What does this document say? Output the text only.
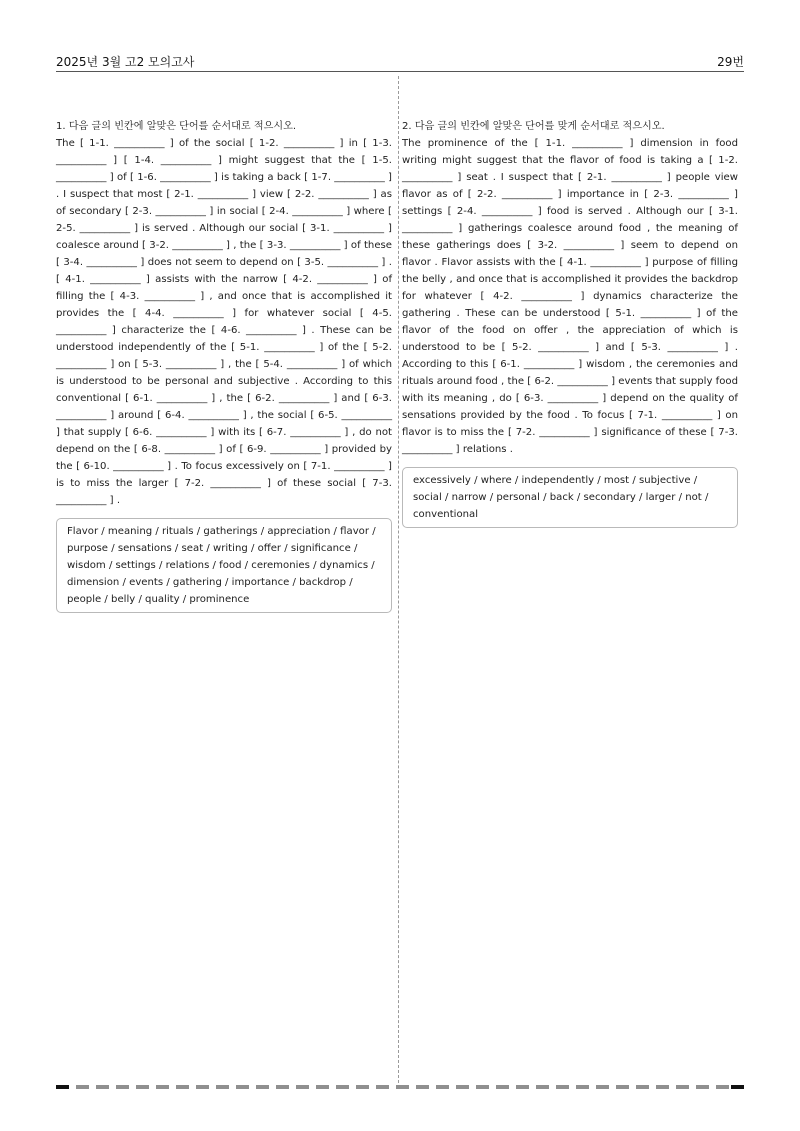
2025년 3월 고2 모의고사	29번

1. 다음 글의 빈칸에 알맞은 단어를 순서대로 적으시오.
The [ 1-1. __________ ] of the social [ 1-2. __________ ] in [ 1-3. __________ ] [ 1-4. __________ ] might suggest that the [ 1-5. __________ ] of [ 1-6. __________ ] is taking a back [ 1-7. __________ ] . I suspect that most [ 2-1. __________ ] view [ 2-2. __________ ] as of secondary [ 2-3. __________ ] in social [ 2-4. __________ ] where [ 2-5. __________ ] is served . Although our social [ 3-1. __________ ] coalesce around [ 3-2. __________ ] , the [ 3-3. __________ ] of these [ 3-4. __________ ] does not seem to depend on [ 3-5. __________ ] . [ 4-1. __________ ] assists with the narrow [ 4-2. __________ ] of filling the [ 4-3. __________ ] , and once that is accomplished it provides the [ 4-4. __________ ] for whatever social [ 4-5. __________ ] characterize the [ 4-6. __________ ] . These can be understood independently of the [ 5-1. __________ ] of the [ 5-2. __________ ] on [ 5-3. __________ ] , the [ 5-4. __________ ] of which is understood to be personal and subjective . According to this conventional [ 6-1. __________ ] , the [ 6-2. __________ ] and [ 6-3. __________ ] around [ 6-4. __________ ] , the social [ 6-5. __________ ] that supply [ 6-6. __________ ] with its [ 6-7. __________ ] , do not depend on the [ 6-8. __________ ] of [ 6-9. __________ ] provided by the [ 6-10. __________ ] . To focus excessively on [ 7-1. __________ ] is to miss the larger [ 7-2. __________ ] of these social [ 7-3. __________ ] .

Flavor / meaning / rituals / gatherings / appreciation / flavor / purpose / sensations / seat / writing / offer / significance / wisdom / settings / relations / food / ceremonies / dynamics / dimension / events / gathering / importance / backdrop / people / belly / quality / prominence

2. 다음 글의 빈칸에 알맞은 단어를 맞게 순서대로 적으시오.
The prominence of the [ 1-1. __________ ] dimension in food writing might suggest that the flavor of food is taking a [ 1-2. __________ ] seat . I suspect that [ 2-1. __________ ] people view flavor as of [ 2-2. __________ ] importance in [ 2-3. __________ ] settings [ 2-4. __________ ] food is served . Although our [ 3-1. __________ ] gatherings coalesce around food , the meaning of these gatherings does [ 3-2. __________ ] seem to depend on flavor . Flavor assists with the [ 4-1. __________ ] purpose of filling the belly , and once that is accomplished it provides the backdrop for whatever [ 4-2. __________ ] dynamics characterize the gathering . These can be understood [ 5-1. __________ ] of the flavor of the food on offer , the appreciation of which is understood to be [ 5-2. __________ ] and [ 5-3. __________ ] . According to this [ 6-1. __________ ] wisdom , the ceremonies and rituals around food , the [ 6-2. __________ ] events that supply food with its meaning , do [ 6-3. __________ ] depend on the quality of sensations provided by the food . To focus [ 7-1. __________ ] on flavor is to miss the [ 7-2. __________ ] significance of these [ 7-3. __________ ] relations .

excessively / where / independently / most / subjective / social / narrow / personal / back / secondary / larger / not / conventional
